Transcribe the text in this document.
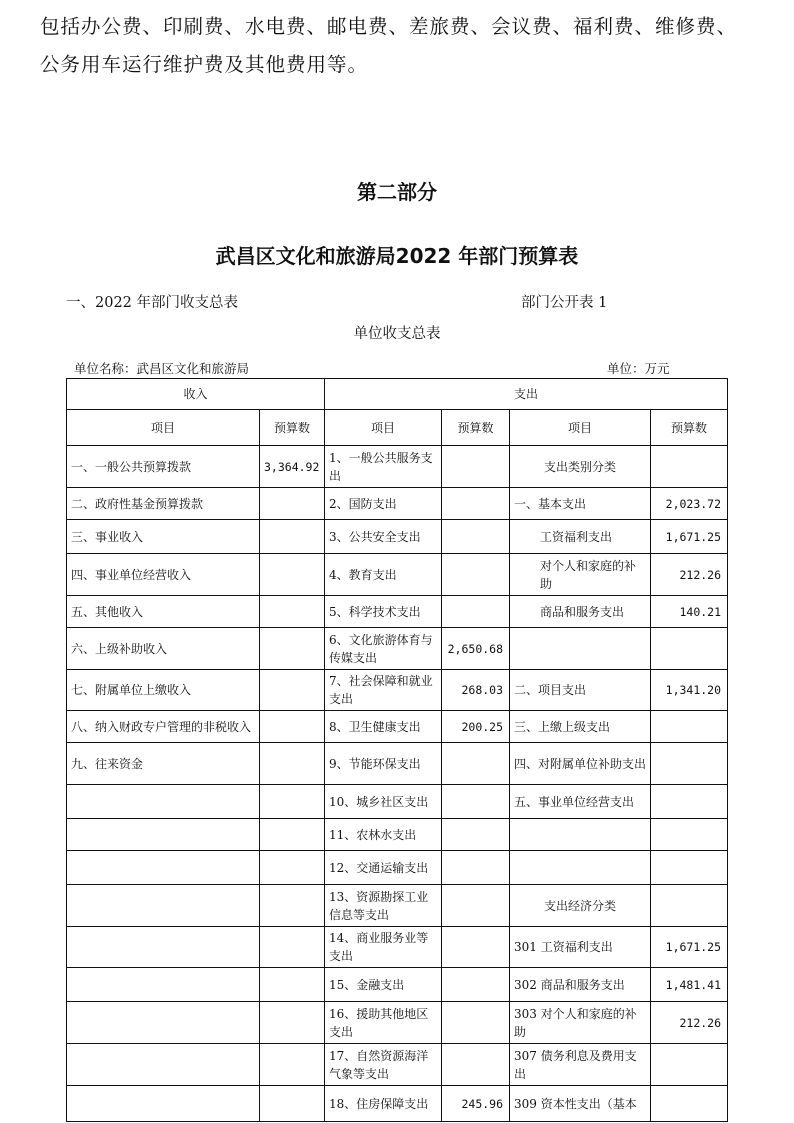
包括办公费、印刷费、水电费、邮电费、差旅费、会议费、福利费、维修费、
公务用车运行维护费及其他费用等。
第二部分
武昌区文化和旅游局2022 年部门预算表
一、2022 年部门收支总表	部门公开表 1
单位收支总表
单位名称：武昌区文化和旅游局	单位：万元
收入		支出			
项目	预算数	项目	预算数	项目	预算数
一、一般公共预算拨款	3,364.92	1、一般公共服务支出		支出类别分类	
二、政府性基金预算拨款		2、国防支出		一、基本支出	2,023.72
三、事业收入		3、公共安全支出		工资福利支出	1,671.25
四、事业单位经营收入		4、教育支出		对个人和家庭的补助	212.26
五、其他收入		5、科学技术支出		商品和服务支出	140.21
六、上级补助收入		6、文化旅游体育与传媒支出	2,650.68		
七、附属单位上缴收入		7、社会保障和就业支出	268.03	二、项目支出	1,341.20
八、纳入财政专户管理的非税收入		8、卫生健康支出	200.25	三、上缴上级支出	
九、往来资金		9、节能环保支出		四、对附属单位补助支出	
		10、城乡社区支出		五、事业单位经营支出	
		11、农林水支出			
		12、交通运输支出			
		13、资源勘探工业信息等支出		支出经济分类	
		14、商业服务业等支出		301 工资福利支出	1,671.25
		15、金融支出		302 商品和服务支出	1,481.41
		16、援助其他地区支出		303 对个人和家庭的补助	212.26
		17、自然资源海洋气象等支出		307 债务利息及费用支出	
		18、住房保障支出	245.96	309 资本性支出（基本	
